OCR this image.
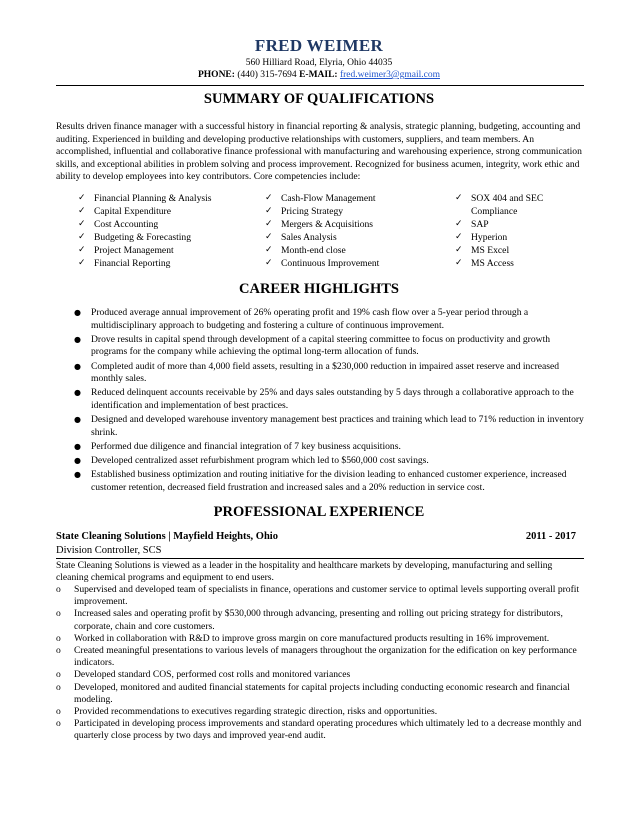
FRED WEIMER
560 Hilliard Road, Elyria, Ohio 44035
PHONE: (440) 315-7694 E-MAIL: fred.weimer3@gmail.com
SUMMARY OF QUALIFICATIONS
Results driven finance manager with a successful history in financial reporting & analysis, strategic planning, budgeting, accounting and auditing. Experienced in building and developing productive relationships with customers, suppliers, and team members. An accomplished, influential and collaborative finance professional with manufacturing and warehousing experience, strong communication skills, and exceptional abilities in problem solving and process improvement. Recognized for business acumen, integrity, work ethic and ability to develop employees into key contributors. Core competencies include:
✓ Financial Planning & Analysis
✓ Capital Expenditure
✓ Cost Accounting
✓ Budgeting & Forecasting
✓ Project Management
✓ Financial Reporting
✓ Cash-Flow Management
✓ Pricing Strategy
✓ Mergers & Acquisitions
✓ Sales Analysis
✓ Month-end close
✓ Continuous Improvement
✓ SOX 404 and SEC Compliance
✓ SAP
✓ Hyperion
✓ MS Excel
✓ MS Access
CAREER HIGHLIGHTS
● Produced average annual improvement of 26% operating profit and 19% cash flow over a 5-year period through a multidisciplinary approach to budgeting and fostering a culture of continuous improvement.
● Drove results in capital spend through development of a capital steering committee to focus on productivity and growth programs for the company while achieving the optimal long-term allocation of funds.
● Completed audit of more than 4,000 field assets, resulting in a $230,000 reduction in impaired asset reserve and increased monthly sales.
● Reduced delinquent accounts receivable by 25% and days sales outstanding by 5 days through a collaborative approach to the identification and implementation of best practices.
● Designed and developed warehouse inventory management best practices and training which lead to 71% reduction in inventory shrink.
● Performed due diligence and financial integration of 7 key business acquisitions.
● Developed centralized asset refurbishment program which led to $560,000 cost savings.
● Established business optimization and routing initiative for the division leading to enhanced customer experience, increased customer retention, decreased field frustration and increased sales and a 20% reduction in service cost.
PROFESSIONAL EXPERIENCE
State Cleaning Solutions | Mayfield Heights, Ohio	2011 - 2017
Division Controller, SCS
State Cleaning Solutions is viewed as a leader in the hospitality and healthcare markets by developing, manufacturing and selling cleaning chemical programs and equipment to end users.
o Supervised and developed team of specialists in finance, operations and customer service to optimal levels supporting overall profit improvement.
o Increased sales and operating profit by $530,000 through advancing, presenting and rolling out pricing strategy for distributors, corporate, chain and core customers.
o Worked in collaboration with R&D to improve gross margin on core manufactured products resulting in 16% improvement.
o Created meaningful presentations to various levels of managers throughout the organization for the edification on key performance indicators.
o Developed standard COS, performed cost rolls and monitored variances
o Developed, monitored and audited financial statements for capital projects including conducting economic research and financial modeling.
o Provided recommendations to executives regarding strategic direction, risks and opportunities.
o Participated in developing process improvements and standard operating procedures which ultimately led to a decrease monthly and quarterly close process by two days and improved year-end audit.
